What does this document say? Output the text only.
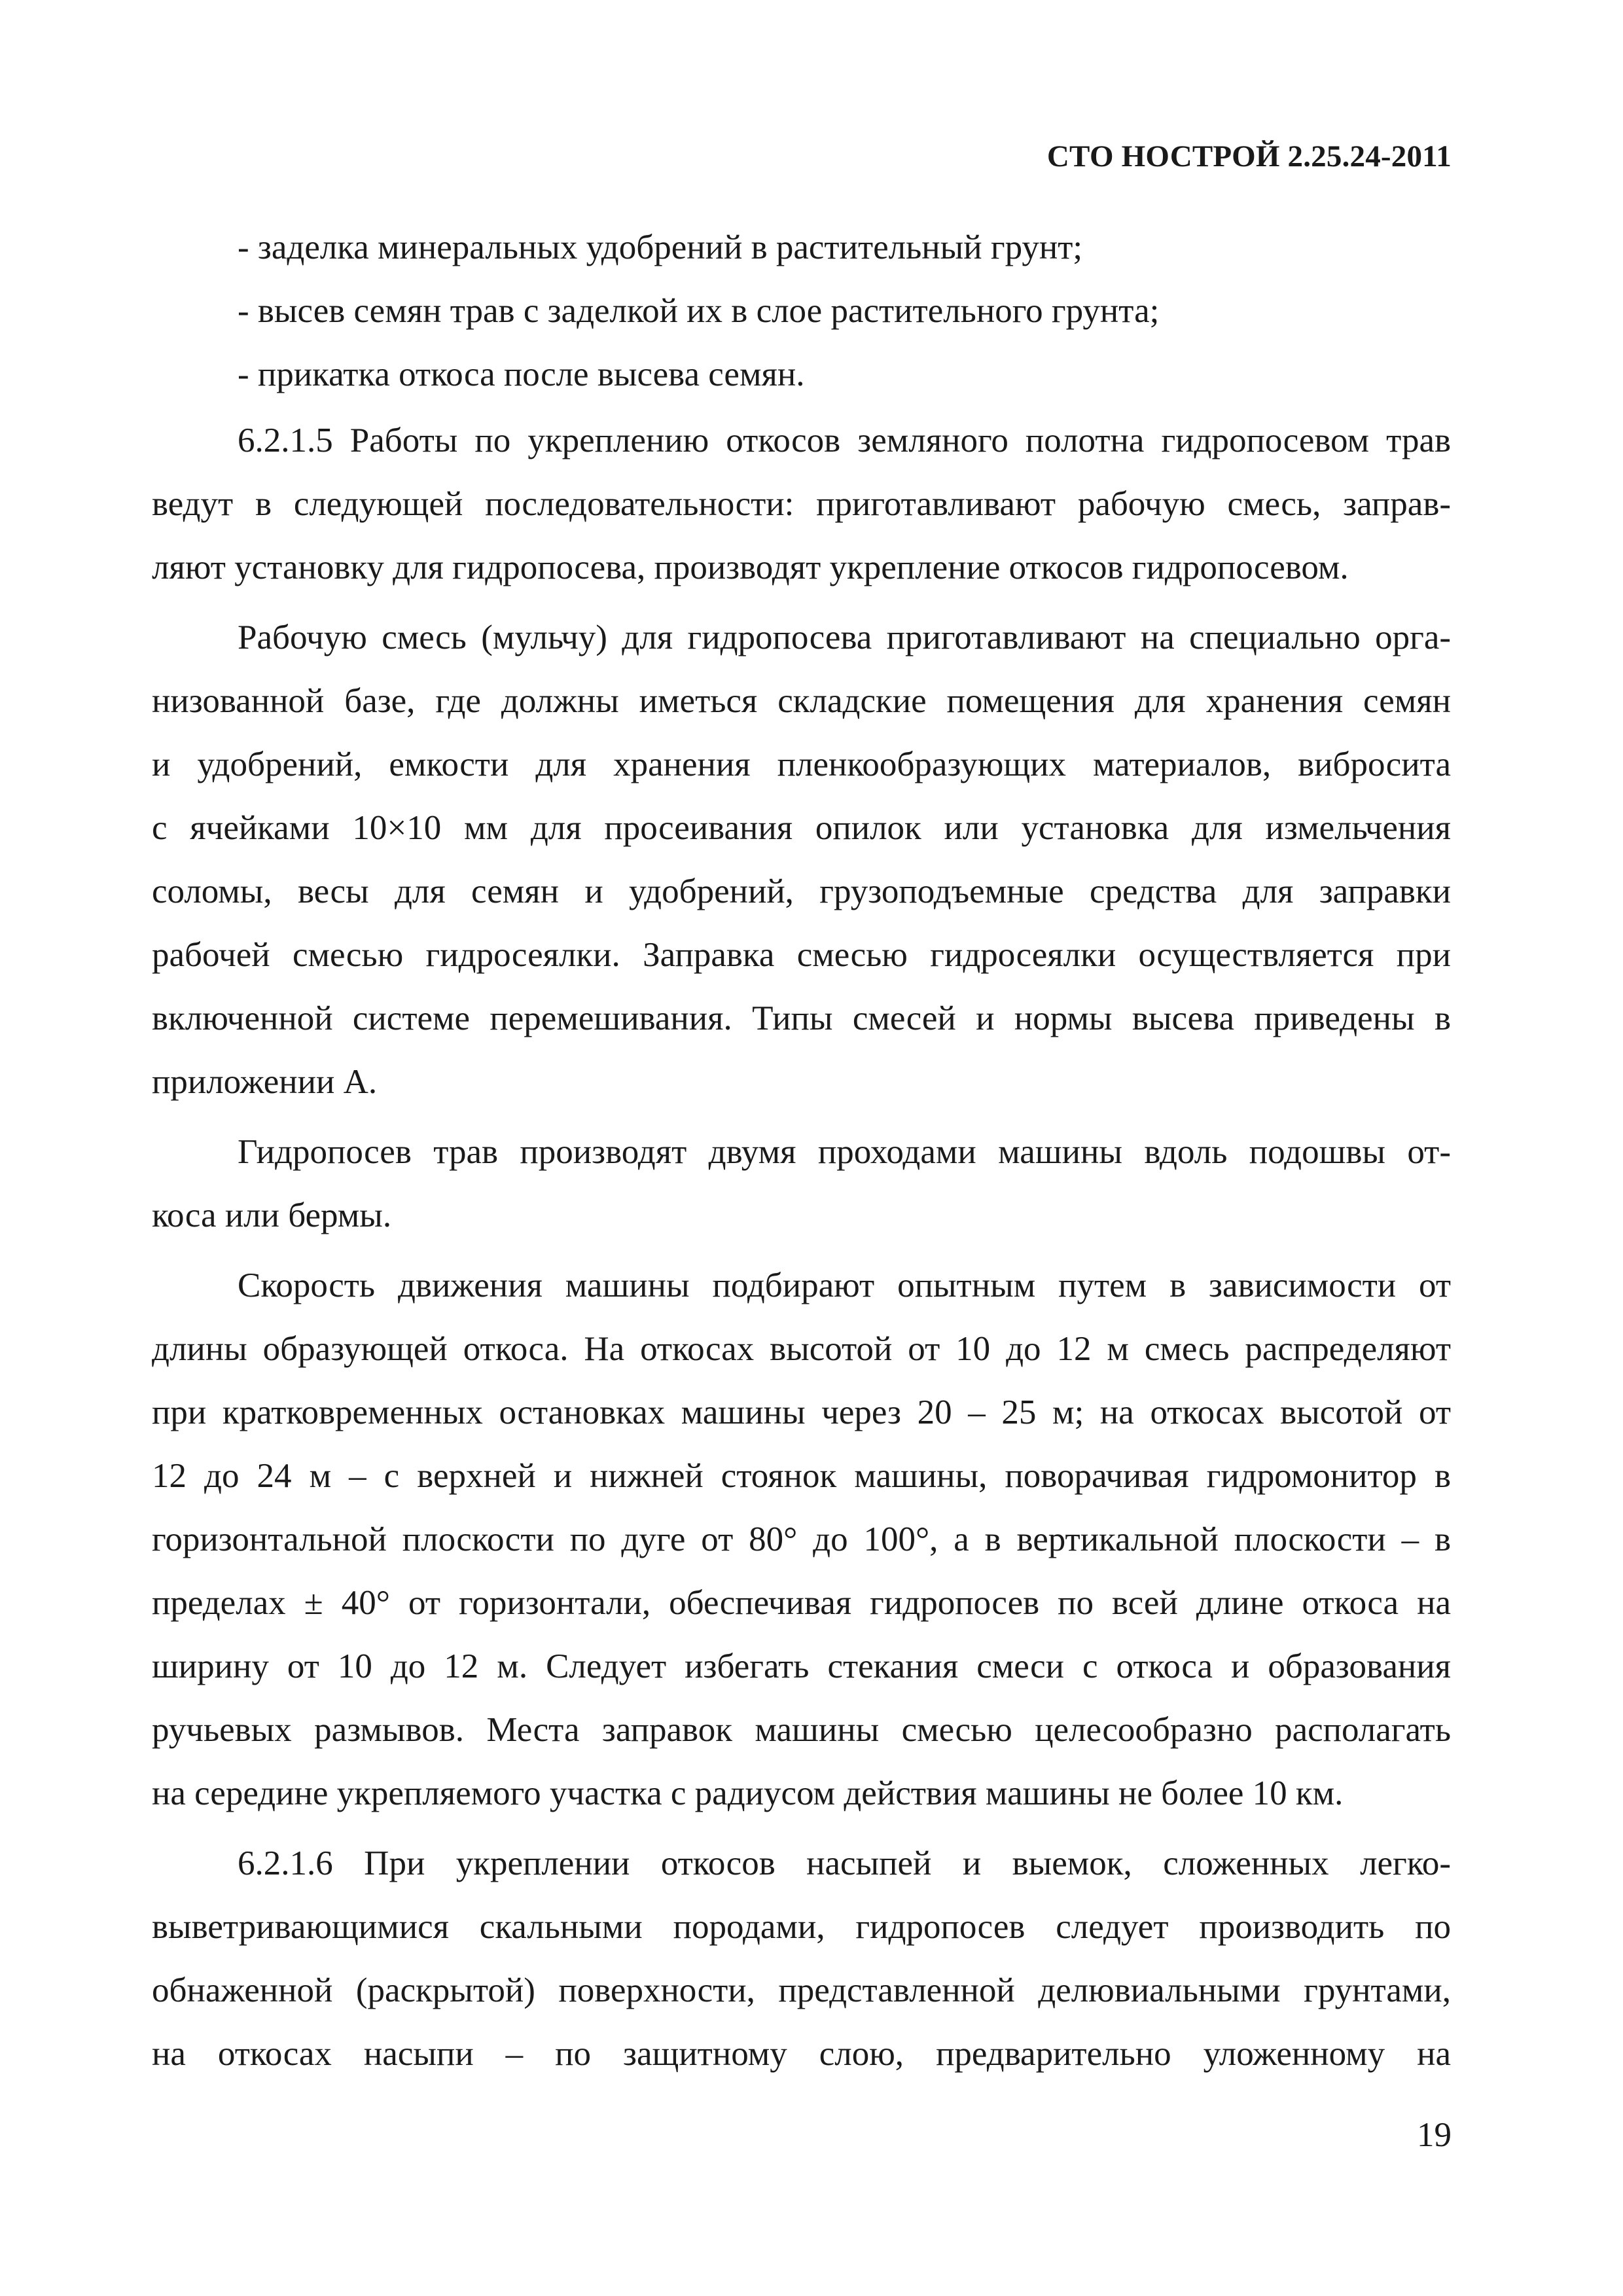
СТО НОСТРОЙ 2.25.24-2011
- заделка минеральных удобрений в растительный грунт;
- высев семян трав с заделкой их в слое растительного грунта;
- прикатка откоса после высева семян.
6.2.1.5 Работы по укреплению откосов земляного полотна гидропосевом трав
ведут в следующей последовательности: приготавливают рабочую смесь, заправ-
ляют установку для гидропосева, производят укрепление откосов гидропосевом.
Рабочую смесь (мульчу) для гидропосева приготавливают на специально орга-
низованной базе, где должны иметься складские помещения для хранения семян
и удобрений, емкости для хранения пленкообразующих материалов, вибросита
с ячейками 10×10 мм для просеивания опилок или установка для измельчения
соломы, весы для семян и удобрений, грузоподъемные средства для заправки
рабочей смесью гидросеялки. Заправка смесью гидросеялки осуществляется при
включенной системе перемешивания. Типы смесей и нормы высева приведены в
приложении А.
Гидропосев трав производят двумя проходами машины вдоль подошвы от-
коса или бермы.
Скорость движения машины подбирают опытным путем в зависимости от
длины образующей откоса. На откосах высотой от 10 до 12 м смесь распределяют
при кратковременных остановках машины через 20 – 25 м; на откосах высотой от
12 до 24 м – с верхней и нижней стоянок машины, поворачивая гидромонитор в
горизонтальной плоскости по дуге от 80° до 100°, а в вертикальной плоскости – в
пределах ± 40° от горизонтали, обеспечивая гидропосев по всей длине откоса на
ширину от 10 до 12 м. Следует избегать стекания смеси с откоса и образования
ручьевых размывов. Места заправок машины смесью целесообразно располагать
на середине укрепляемого участка с радиусом действия машины не более 10 км.
6.2.1.6 При укреплении откосов насыпей и выемок, сложенных легко-
выветривающимися скальными породами, гидропосев следует производить по
обнаженной (раскрытой) поверхности, представленной делювиальными грунтами,
на откосах насыпи – по защитному слою, предварительно уложенному на
19
